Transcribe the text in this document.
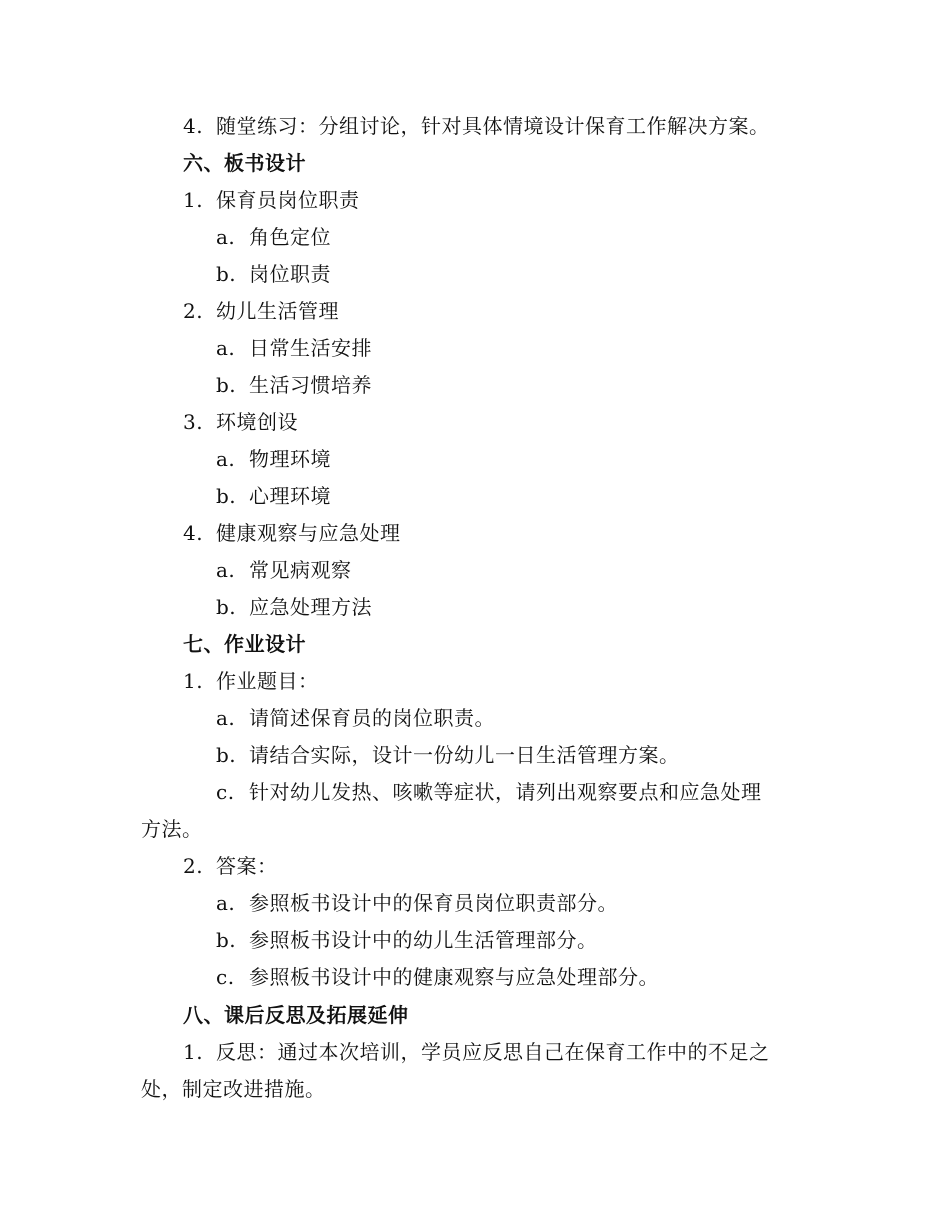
4. 随堂练习：分组讨论，针对具体情境设计保育工作解决方案。
六、板书设计
1. 保育员岗位职责
a. 角色定位
b. 岗位职责
2. 幼儿生活管理
a. 日常生活安排
b. 生活习惯培养
3. 环境创设
a. 物理环境
b. 心理环境
4. 健康观察与应急处理
a. 常见病观察
b. 应急处理方法
七、作业设计
1. 作业题目：
a. 请简述保育员的岗位职责。
b. 请结合实际，设计一份幼儿一日生活管理方案。
c. 针对幼儿发热、咳嗽等症状，请列出观察要点和应急处理
方法。
2. 答案：
a. 参照板书设计中的保育员岗位职责部分。
b. 参照板书设计中的幼儿生活管理部分。
c. 参照板书设计中的健康观察与应急处理部分。
八、课后反思及拓展延伸
1. 反思：通过本次培训，学员应反思自己在保育工作中的不足之
处，制定改进措施。
